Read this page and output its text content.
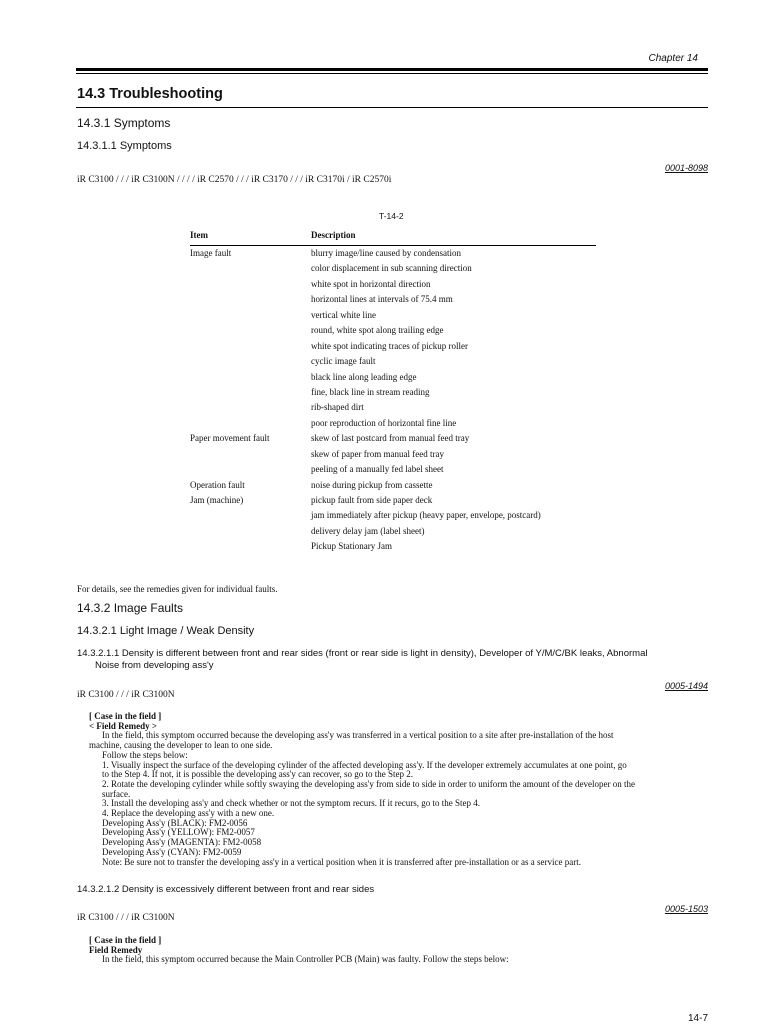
Chapter 14
14.3 Troubleshooting
14.3.1 Symptoms
14.3.1.1 Symptoms
0001-8098
iR C3100 / / / iR C3100N / / / / iR C2570 / / / iR C3170 / / / iR C3170i / iR C2570i
T-14-2
Item	Description
Image fault	blurry image/line caused by condensation
color displacement in sub scanning direction
white spot in horizontal direction
horizontal lines at intervals of 75.4 mm
vertical white line
round, white spot along trailing edge
white spot indicating traces of pickup roller
cyclic image fault
black line along leading edge
fine, black line in stream reading
rib-shaped dirt
poor reproduction of horizontal fine line
Paper movement fault	skew of last postcard from manual feed tray
skew of paper from manual feed tray
peeling of a manually fed label sheet
Operation fault	noise during pickup from cassette
Jam (machine)	pickup fault from side paper deck
jam immediately after pickup (heavy paper, envelope, postcard)
delivery delay jam (label sheet)
Pickup Stationary Jam
For details, see the remedies given for individual faults.
14.3.2 Image Faults
14.3.2.1 Light Image / Weak Density
14.3.2.1.1 Density is different between front and rear sides (front or rear side is light in density), Developer of Y/M/C/BK leaks, Abnormal
Noise from developing ass'y
0005-1494
iR C3100 / / / iR C3100N
[ Case in the field ]
< Field Remedy >
In the field, this symptom occurred because the developing ass'y was transferred in a vertical position to a site after pre-installation of the host
machine, causing the developer to lean to one side.
Follow the steps below:
1. Visually inspect the surface of the developing cylinder of the affected developing ass'y. If the developer extremely accumulates at one point, go
to the Step 4. If not, it is possible the developing ass'y can recover, so go to the Step 2.
2. Rotate the developing cylinder while softly swaying the developing ass'y from side to side in order to uniform the amount of the developer on the
surface.
3. Install the developing ass'y and check whether or not the symptom recurs. If it recurs, go to the Step 4.
4. Replace the developing ass'y with a new one.
Developing Ass'y (BLACK): FM2-0056
Developing Ass'y (YELLOW): FM2-0057
Developing Ass'y (MAGENTA): FM2-0058
Developing Ass'y (CYAN): FM2-0059
Note: Be sure not to transfer the developing ass'y in a vertical position when it is transferred after pre-installation or as a service part.
14.3.2.1.2 Density is excessively different between front and rear sides
0005-1503
iR C3100 / / / iR C3100N
[ Case in the field ]
Field Remedy
In the field, this symptom occurred because the Main Controller PCB (Main) was faulty. Follow the steps below:
14-7
